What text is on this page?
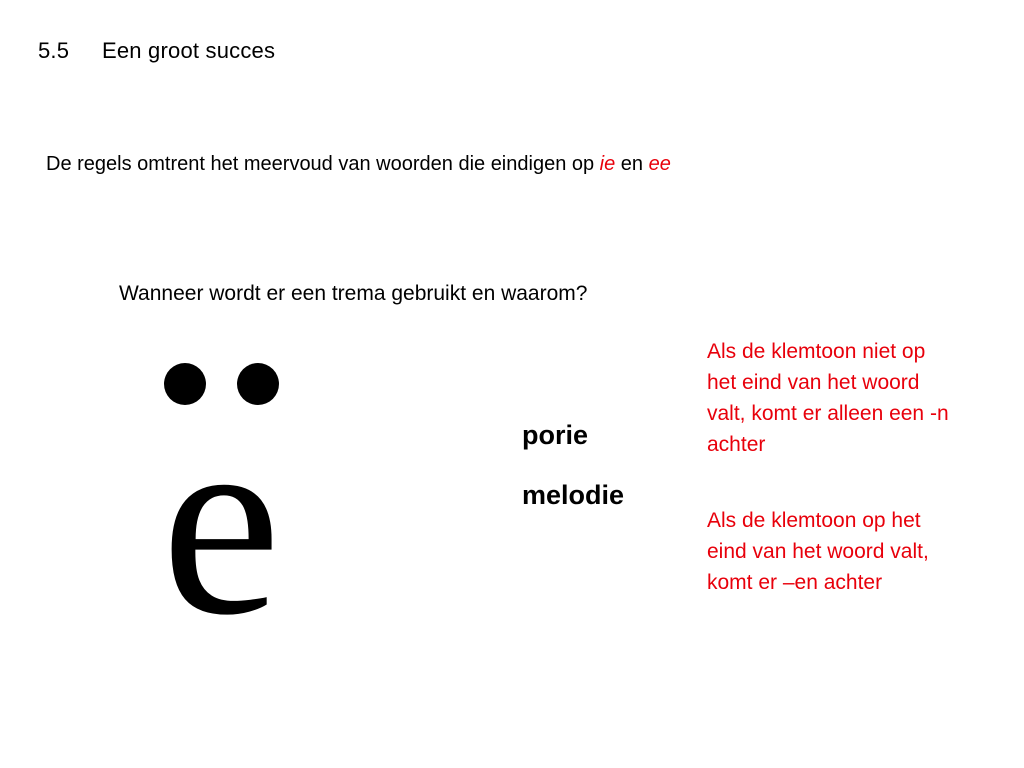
5.5 Een groot succes
De regels omtrent het meervoud van woorden die eindigen op ie en ee
Wanneer wordt er een trema gebruikt en waarom?
e	porie
melodie
Als de klemtoon niet op het eind van het woord valt, komt er alleen een -n achter
Als de klemtoon op het eind van het woord valt, komt er –en achter
